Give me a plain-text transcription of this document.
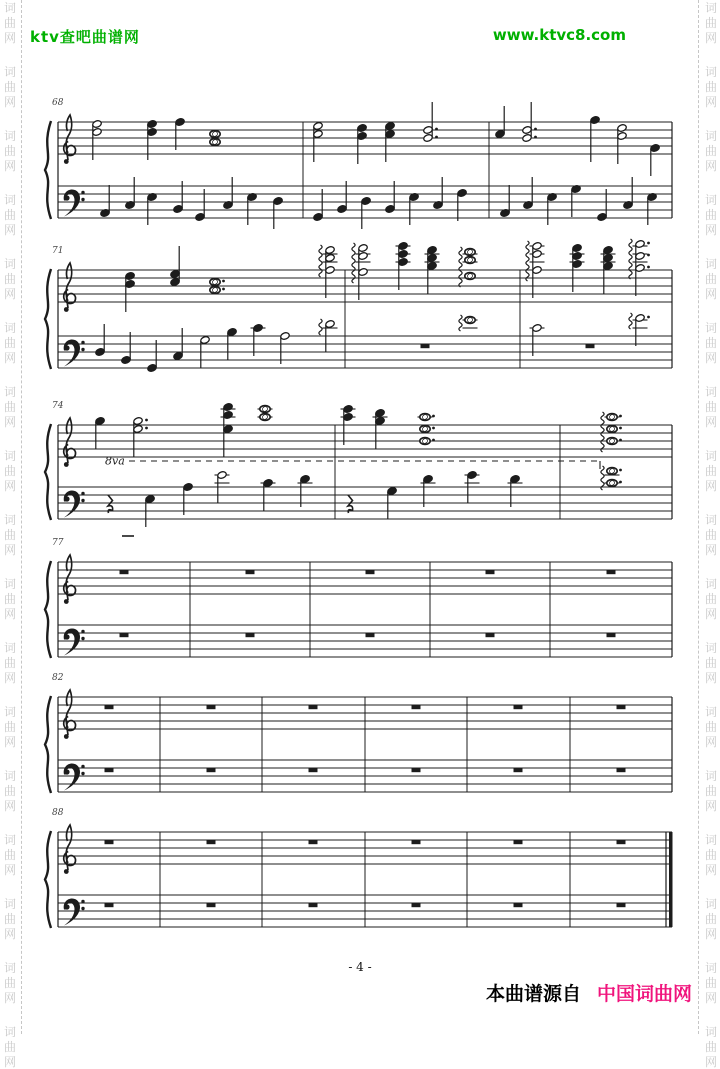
词
曲
网
词
曲
网
词
曲
网
词
曲
网
词
曲
网
词
曲
网
词
曲
网
词
曲
网
词
曲
网
词
曲
网
词
曲
网
词
曲
网
词
曲
网
词
曲
网
词
曲
网
词
曲
网
词
曲
网
词
曲
网
词
曲
网
词
曲
网
词
曲
网
词
曲
网
词
曲
网
词
曲
网
词
曲
网
词
曲
网
词
曲
网
词
曲
网
词
曲
网
词
曲
网
词
曲
网
词
曲
网
词
曲
网
词
曲
网
ktv查吧曲谱网	www.ktvc8.com
68
71
74
8va
77
82
88
- 4 -
本曲谱源自 中国词曲网
